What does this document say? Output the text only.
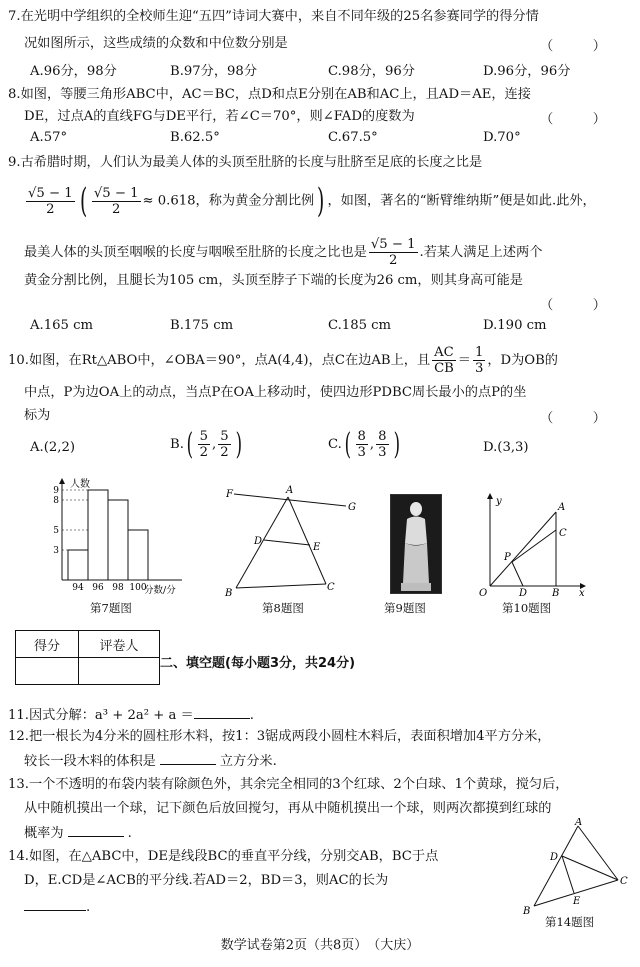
7.在光明中学组织的全校师生迎“五四”诗词大赛中，来自不同年级的25名参赛同学的得分情
况如图所示，这些成绩的众数和中位数分别是	（　　　）
A.96分，98分	B.97分，98分	C.98分，96分	D.96分，96分
8.如图，等腰三角形ABC中，AC＝BC，点D和点E分别在AB和AC上，且AD＝AE，连接
DE，过点A的直线FG与DE平行，若∠C＝70°，则∠FAD的度数为	（　　　）
A.57°	B.62.5°	C.67.5°	D.70°
9.古希腊时期，人们认为最美人体的头顶至肚脐的长度与肚脐至足底的长度之比是
$\frac{√5 - 1}{2}$ ( $\frac{√5 - 1}{2} \approx 0.618$，称为黄金分割比例) ，如图，著名的“断臂维纳斯”便是如此.此外，
最美人体的头顶至咽喉的长度与咽喉至肚脐的长度之比也是 $\frac{√5 - 1}{2}$ .若某人满足上述两个
黄金分割比例，且腿长为105 cm，头顶至脖子下端的长度为26 cm，则其身高可能是
（　　　）
A.165 cm	B.175 cm	C.185 cm	D.190 cm
10.如图，在Rt△ABO中，∠OBA＝90°，点A(4,4)，点C在边AB上，且 $\frac{AC}{CB} = \frac{1}{3}$ ，D为OB的
中点，P为边OA上的动点，当点P在OA上移动时，使四边形PDBC周长最小的点P的坐
标为	（　　　）
A.(2,2)	$B.( \frac{5}{2}$ , $\frac{5}{2}$ )	$C.( \frac{8}{3}$ , $\frac{8}{3}$ )	D.(3,3)
人数
分数/分
3
5
8
9
94 96 98 100
第7题图
F	A
G
D
E
B
C
第8题图	第9题图
y
A
C
P
O	D B x
第10题图
得分	评卷人

二、填空题(每小题3分，共24分)
11.因式分解：a³ + 2a² + a ＝	.
12.把一根长为4分米的圆柱形木料，按1：3锯成两段小圆柱木料后，表面积增加4平方分米，
较长一段木料的体积是	立方分米.
13.一个不透明的布袋内装有除颜色外，其余完全相同的3个红球、2个白球、1个黄球，搅匀后，
从中随机摸出一个球，记下颜色后放回搅匀，再从中随机摸出一个球，则两次都摸到红球的
概率为	.
14.如图，在△ABC中，DE是线段BC的垂直平分线，分别交AB，BC于点
D，E.CD是∠ACB的平分线.若AD＝2，BD＝3，则AC的长为
.
A
D
C
E
B
第14题图
数学试卷第2页（共8页）　（大庆）
